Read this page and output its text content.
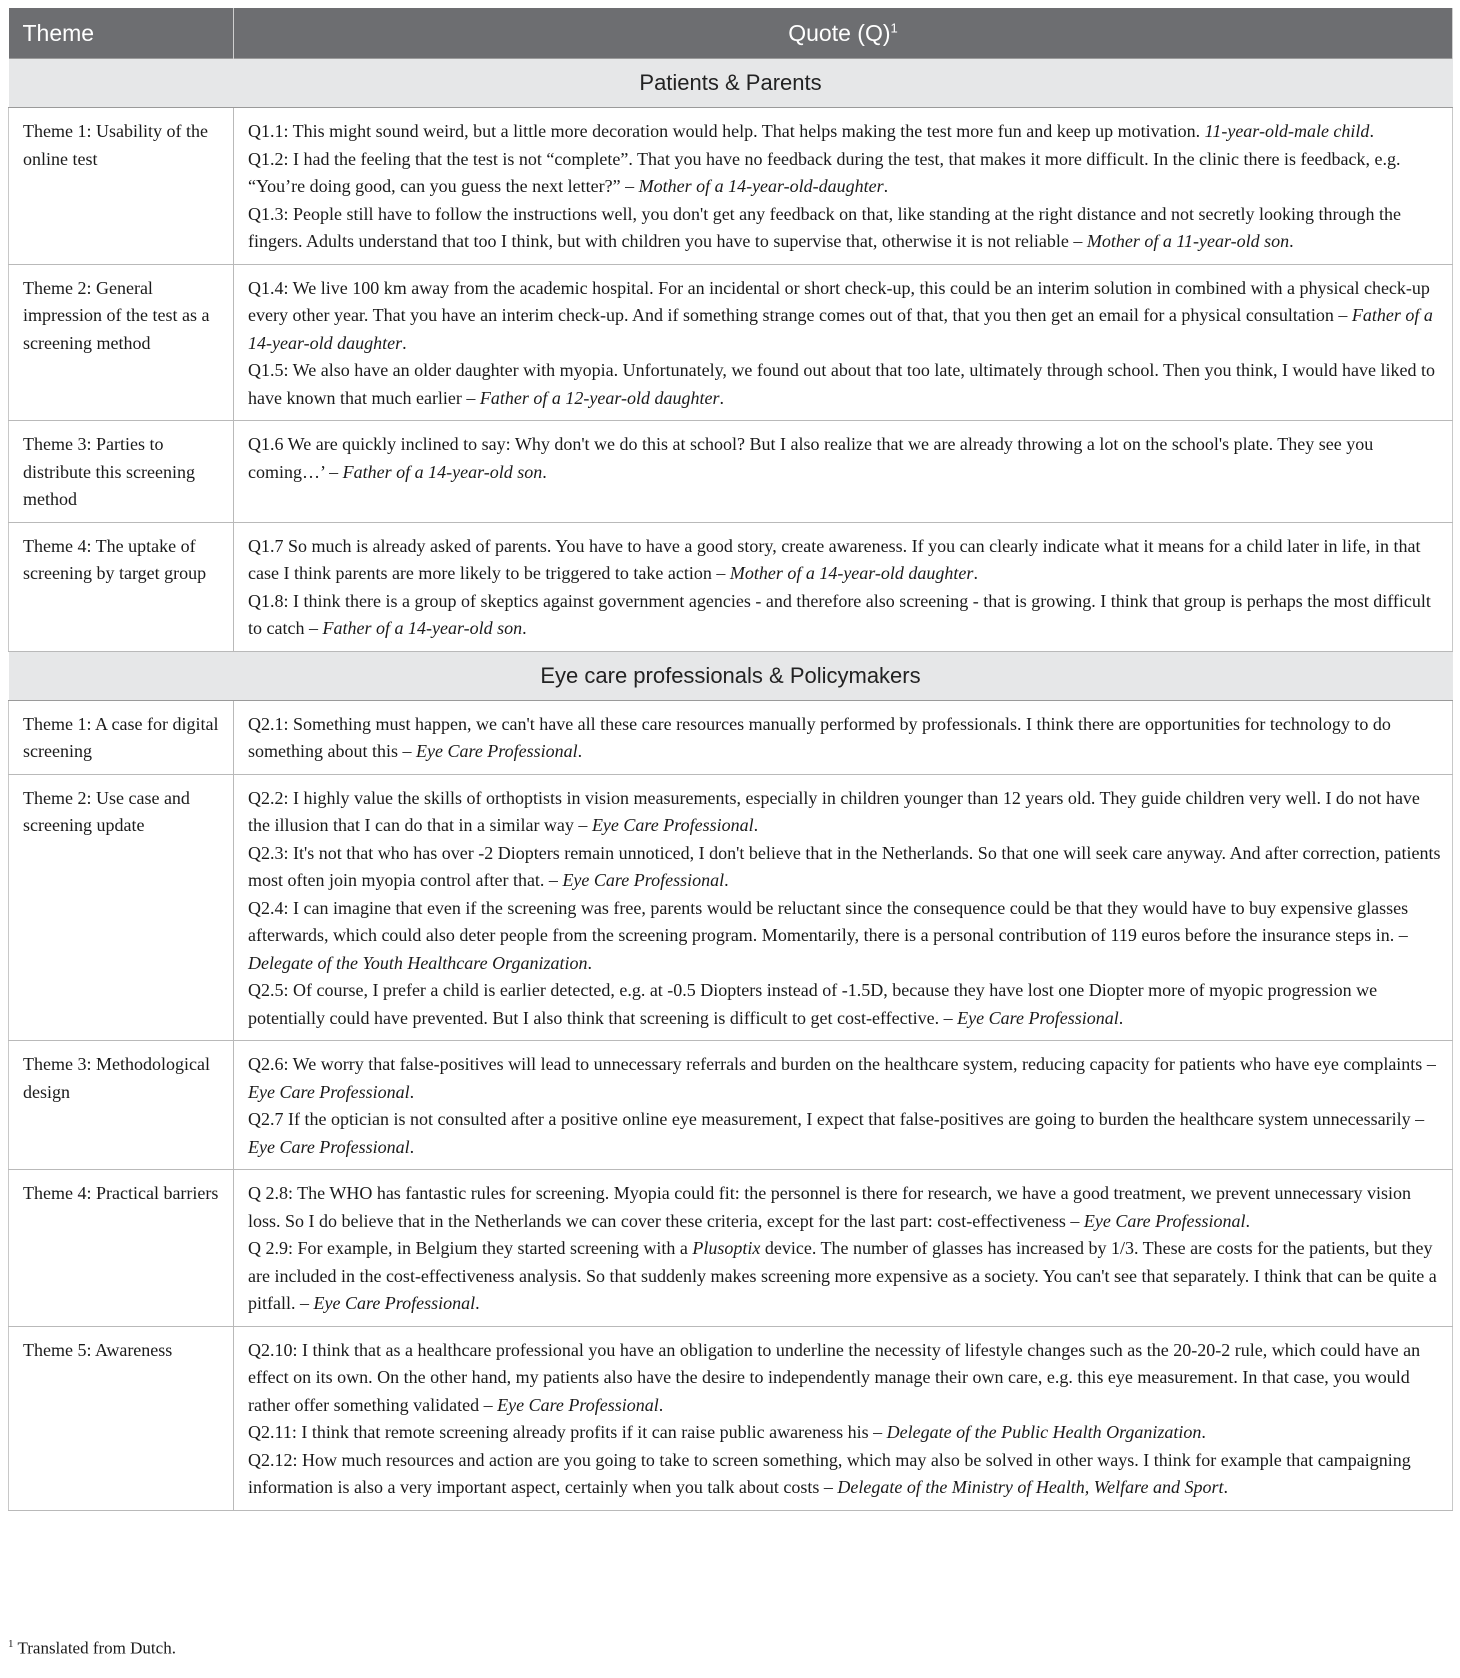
Theme	Quote $(Q)^1$
Patients & Parents	
Theme 1: Usability of the online test	Q1.1: This might sound weird, but a little more decoration would help. That helps making the test more fun and keep up motivation. 11-year-old-male child.
Q1.2: I had the feeling that the test is not “complete”. That you have no feedback during the test, that makes it more difficult. In the clinic there is feedback, e.g. “You’re doing good, can you guess the next letter?” – Mother of a 14-year-old-daughter.
Q1.3: People still have to follow the instructions well, you don't get any feedback on that, like standing at the right distance and not secretly looking through the fingers. Adults understand that too I think, but with children you have to supervise that, otherwise it is not reliable – Mother of a 11-year-old son.

Theme 2: General impression of the test as a screening method	Q1.4: We live 100 km away from the academic hospital. For an incidental or short check-up, this could be an interim solution in combined with a physical check-up every other year. That you have an interim check-up. And if something strange comes out of that, that you then get an email for a physical consultation – Father of a 14-year-old daughter.
Q1.5: We also have an older daughter with myopia. Unfortunately, we found out about that too late, ultimately through school. Then you think, I would have liked to have known that much earlier – Father of a 12-year-old daughter.

Theme 3: Parties to distribute this screening method	Q1.6 We are quickly inclined to say: Why don't we do this at school? But I also realize that we are already throwing a lot on the school's plate. They see you coming…’ – Father of a 14-year-old son.

Theme 4: The uptake of screening by target group	Q1.7 So much is already asked of parents. You have to have a good story, create awareness. If you can clearly indicate what it means for a child later in life, in that case I think parents are more likely to be triggered to take action – Mother of a 14-year-old daughter.
Q1.8: I think there is a group of skeptics against government agencies - and therefore also screening - that is growing. I think that group is perhaps the most difficult to catch – Father of a 14-year-old son.

Eye care professionals & Policymakers	
Theme 1: A case for digital screening	Q2.1: Something must happen, we can't have all these care resources manually performed by professionals. I think there are opportunities for technology to do something about this – Eye Care Professional.

Theme 2: Use case and screening update	Q2.2: I highly value the skills of orthoptists in vision measurements, especially in children younger than 12 years old. They guide children very well. I do not have the illusion that I can do that in a similar way – Eye Care Professional.
Q2.3: It's not that who has over -2 Diopters remain unnoticed, I don't believe that in the Netherlands. So that one will seek care anyway. And after correction, patients most often join myopia control after that. – Eye Care Professional.
Q2.4: I can imagine that even if the screening was free, parents would be reluctant since the consequence could be that they would have to buy expensive glasses afterwards, which could also deter people from the screening program. Momentarily, there is a personal contribution of 119 euros before the insurance steps in. – Delegate of the Youth Healthcare Organization.
Q2.5: Of course, I prefer a child is earlier detected, e.g. at -0.5 Diopters instead of -1.5D, because they have lost one Diopter more of myopic progression we potentially could have prevented. But I also think that screening is difficult to get cost-effective. – Eye Care Professional.

Theme 3: Methodological design	Q2.6: We worry that false-positives will lead to unnecessary referrals and burden on the healthcare system, reducing capacity for patients who have eye complaints – Eye Care Professional.
Q2.7 If the optician is not consulted after a positive online eye measurement, I expect that false-positives are going to burden the healthcare system unnecessarily – Eye Care Professional.

Theme 4: Practical barriers	Q 2.8: The WHO has fantastic rules for screening. Myopia could fit: the personnel is there for research, we have a good treatment, we prevent unnecessary vision loss. So I do believe that in the Netherlands we can cover these criteria, except for the last part: cost-effectiveness – Eye Care Professional.
Q 2.9: For example, in Belgium they started screening with a Plusoptix device. The number of glasses has increased by 1/3. These are costs for the patients, but they are included in the cost-effectiveness analysis. So that suddenly makes screening more expensive as a society. You can't see that separately. I think that can be quite a pitfall. – Eye Care Professional.

Theme 5: Awareness	Q2.10: I think that as a healthcare professional you have an obligation to underline the necessity of lifestyle changes such as the 20-20-2 rule, which could have an effect on its own. On the other hand, my patients also have the desire to independently manage their own care, e.g. this eye measurement. In that case, you would rather offer something validated – Eye Care Professional.
Q2.11: I think that remote screening already profits if it can raise public awareness his – Delegate of the Public Health Organization.
Q2.12: How much resources and action are you going to take to screen something, which may also be solved in other ways. I think for example that campaigning information is also a very important aspect, certainly when you talk about costs – Delegate of the Ministry of Health, Welfare and Sport.
$^1$ Translated from Dutch.
